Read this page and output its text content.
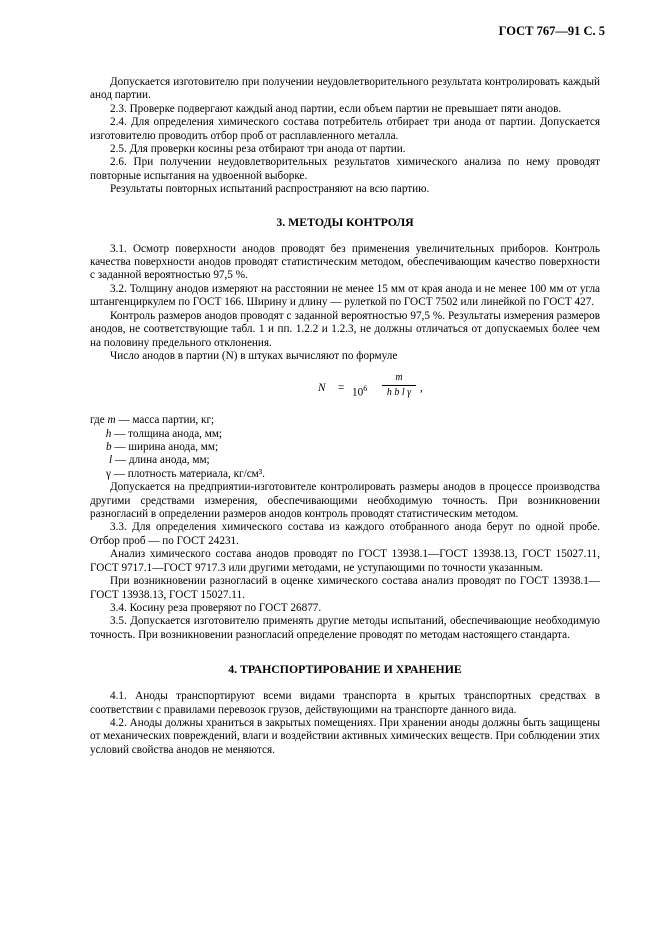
ГОСТ 767—91 С. 5

Допускается изготовителю при получении неудовлетворительного результата контролировать каждый анод партии.

2.3. Проверке подвергают каждый анод партии, если объем партии не превышает пяти анодов.

2.4. Для определения химического состава потребитель отбирает три анода от партии. Допускается изготовителю проводить отбор проб от расплавленного металла.

2.5. Для проверки косины реза отбирают три анода от партии.

2.6. При получении неудовлетворительных результатов химического анализа по нему проводят повторные испытания на удвоенной выборке.

Результаты повторных испытаний распространяют на всю партию.

3. МЕТОДЫ КОНТРОЛЯ

3.1. Осмотр поверхности анодов проводят без применения увеличительных приборов. Контроль качества поверхности анодов проводят статистическим методом, обеспечивающим качество поверхности с заданной вероятностью 97,5 %.

3.2. Толщину анодов измеряют на расстоянии не менее 15 мм от края анода и не менее 100 мм от угла штангенциркулем по ГОСТ 166. Ширину и длину — рулеткой по ГОСТ 7502 или линейкой по ГОСТ 427.

Контроль размеров анодов проводят с заданной вероятностью 97,5 %. Результаты измерения размеров анодов, не соответствующие табл. 1 и пп. 1.2.2 и 1.2.3, не должны отличаться от допускаемых более чем на половину предельного отклонения.

Число анодов в партии (N) в штуках вычисляют по формуле

$N = 10^6 \frac{m}{\text{h b l γ}}$ ,
где m — масса партии, кг;
h — толщина анода, мм;
b — ширина анода, мм;
l — длина анода, мм;
γ — плотность материала, кг/см³.

Допускается на предприятии-изготовителе контролировать размеры анодов в процессе производства другими средствами измерения, обеспечивающими необходимую точность. При возникновении разногласий в определении размеров анодов контроль проводят статистическим методом.

3.3. Для определения химического состава из каждого отобранного анода берут по одной пробе. Отбор проб — по ГОСТ 24231.

Анализ химического состава анодов проводят по ГОСТ 13938.1—ГОСТ 13938.13, ГОСТ 15027.11, ГОСТ 9717.1—ГОСТ 9717.3 или другими методами, не уступающими по точности указанным.

При возникновении разногласий в оценке химического состава анализ проводят по ГОСТ 13938.1—ГОСТ 13938.13, ГОСТ 15027.11.

3.4. Косину реза проверяют по ГОСТ 26877.

3.5. Допускается изготовителю применять другие методы испытаний, обеспечивающие необходимую точность. При возникновении разногласий определение проводят по методам настоящего стандарта.

4. ТРАНСПОРТИРОВАНИЕ И ХРАНЕНИЕ

4.1. Аноды транспортируют всеми видами транспорта в крытых транспортных средствах в соответствии с правилами перевозок грузов, действующими на транспорте данного вида.

4.2. Аноды должны храниться в закрытых помещениях. При хранении аноды должны быть защищены от механических повреждений, влаги и воздействии активных химических веществ. При соблюдении этих условий свойства анодов не меняются.
